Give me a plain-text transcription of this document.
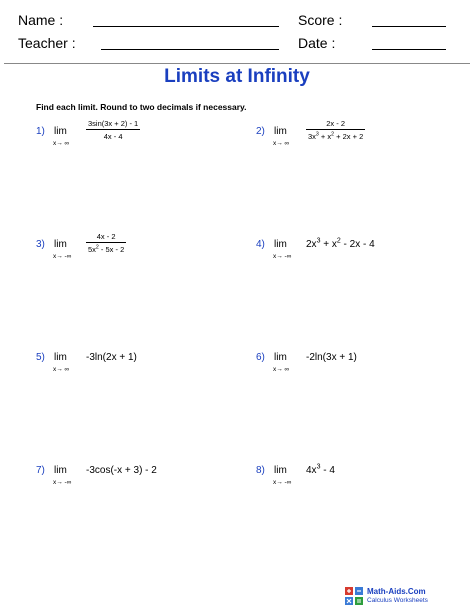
Name :	Score :
Teacher :	Date :
Limits at Infinity
Find each limit. Round to two decimals if necessary.
1) lim
x→ ∞
$\frac{3\sin(3x + 2) - 1}{4x - 4}$	2) lim
x→ ∞
$\frac{2x - 2}{3x^3 + x^2 + 2x + 2}$
3) lim
x→ -∞
$\frac{4x - 2}{5x^2 - 5x - 2}$	4) lim
x→ -∞
$2x^3 + x^2 - 2x - 4$
5) lim
x→ ∞
-3ln(2x + 1)	6) lim
x→ ∞
-2ln(3x + 1)
7) lim
x→ -∞
-3cos(-x + 3) - 2	8) lim
x→ -∞
$4x^3 - 4$
Math-Aids.Com
Calculus Worksheets
